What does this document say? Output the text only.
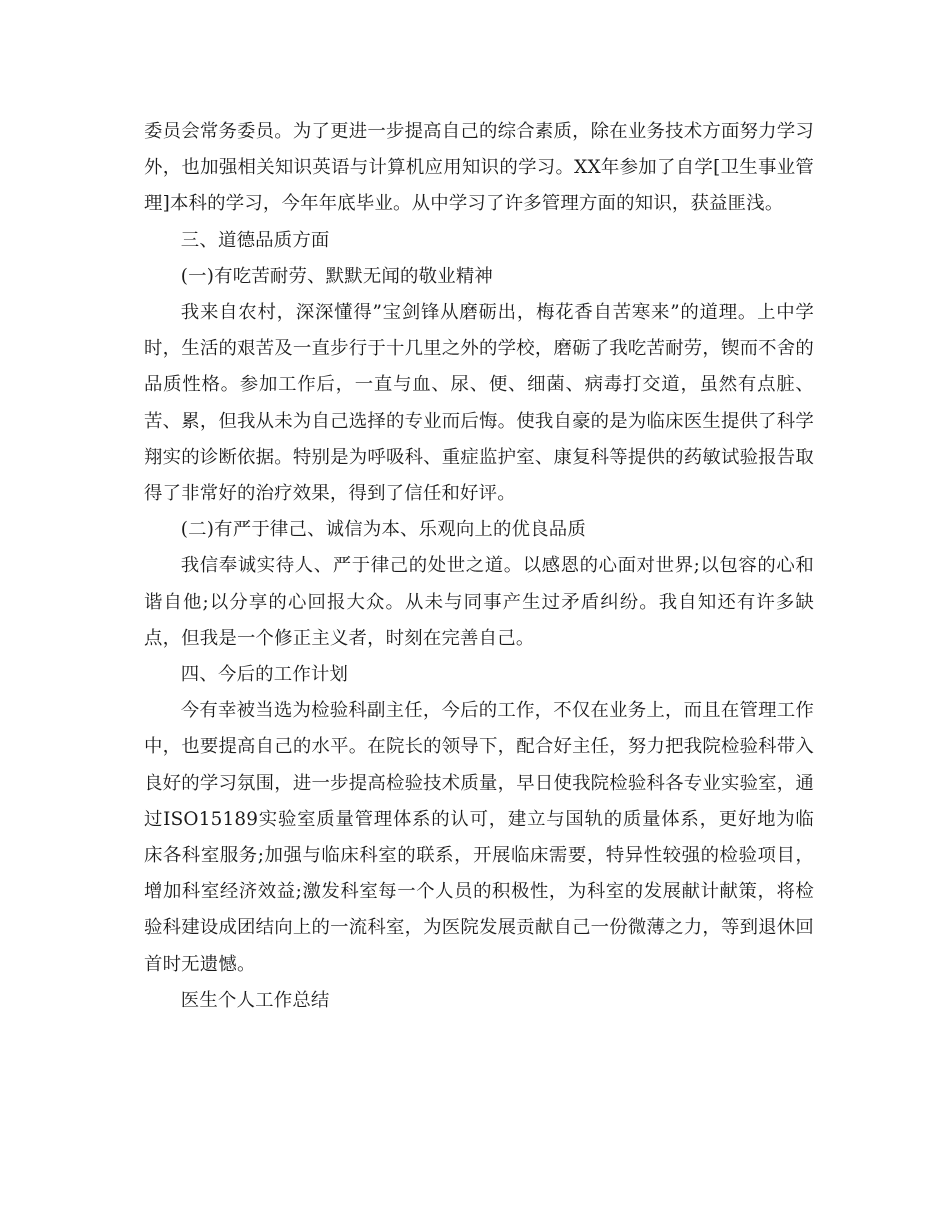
委员会常务委员。为了更进一步提高自己的综合素质，除在业务技术方面努力学习外，也加强相关知识英语与计算机应用知识的学习。XX年参加了自学[卫生事业管理]本科的学习，今年年底毕业。从中学习了许多管理方面的知识，获益匪浅。

三、道德品质方面

(一)有吃苦耐劳、默默无闻的敬业精神

我来自农村，深深懂得”宝剑锋从磨砺出，梅花香自苦寒来”的道理。上中学时，生活的艰苦及一直步行于十几里之外的学校，磨砺了我吃苦耐劳，锲而不舍的品质性格。参加工作后，一直与血、尿、便、细菌、病毒打交道，虽然有点脏、苦、累，但我从未为自己选择的专业而后悔。使我自豪的是为临床医生提供了科学翔实的诊断依据。特别是为呼吸科、重症监护室、康复科等提供的药敏试验报告取得了非常好的治疗效果，得到了信任和好评。

(二)有严于律己、诚信为本、乐观向上的优良品质

我信奉诚实待人、严于律己的处世之道。以感恩的心面对世界;以包容的心和谐自他;以分享的心回报大众。从未与同事产生过矛盾纠纷。我自知还有许多缺点，但我是一个修正主义者，时刻在完善自己。

四、今后的工作计划

今有幸被当选为检验科副主任，今后的工作，不仅在业务上，而且在管理工作中，也要提高自己的水平。在院长的领导下，配合好主任，努力把我院检验科带入良好的学习氛围，进一步提高检验技术质量，早日使我院检验科各专业实验室，通过ISO15189实验室质量管理体系的认可，建立与国轨的质量体系，更好地为临床各科室服务;加强与临床科室的联系，开展临床需要，特异性较强的检验项目，增加科室经济效益;激发科室每一个人员的积极性，为科室的发展献计献策，将检验科建设成团结向上的一流科室，为医院发展贡献自己一份微薄之力，等到退休回首时无遗憾。

医生个人工作总结
